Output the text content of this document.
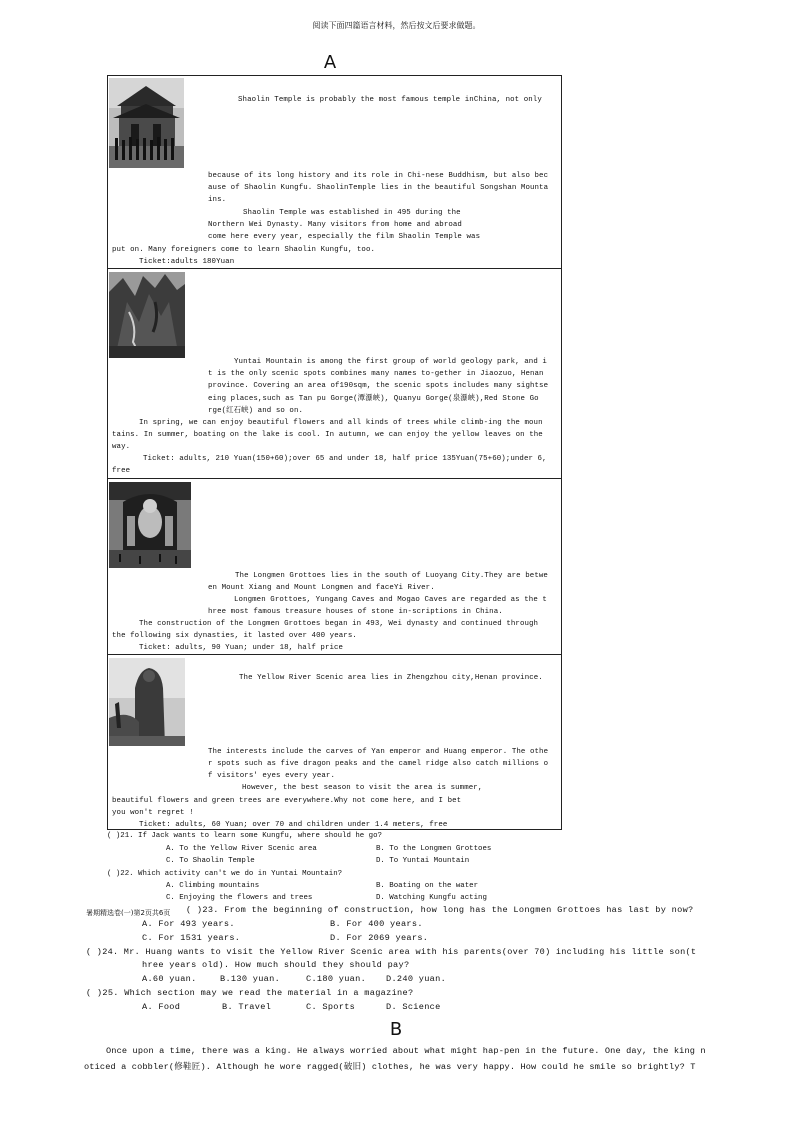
阅读下面四篇语言材料，然后按文后要求做题。
A
Shaolin Temple is probably the most famous temple inChina, not only
because of its long history and its role in Chi-nese Buddhism, but also bec
ause of Shaolin Kungfu. ShaolinTemple lies in the beautiful Songshan Mounta
ins.
Shaolin Temple was established in 495 during the
Northern Wei Dynasty. Many visitors from home and abroad
come here every year, especially the film Shaolin Temple was
put on. Many foreigners come to learn Shaolin Kungfu, too.
Ticket:adults 180Yuan
Yuntai Mountain is among the first group of world geology park, and i
t is the only scenic spots combines many names to-gether in Jiaozuo, Henan
province. Covering an area of190sqm, the scenic spots includes many sightse
eing places,such as Tan pu Gorge(潭瀑峡), Quanyu Gorge(泉瀑峡),Red Stone Go
rge(红石峡) and so on.
In spring, we can enjoy beautiful flowers and all kinds of trees while climb-ing the moun
tains. In summer, boating on the lake is cool. In autumn, we can enjoy the yellow leaves on the
way.
Ticket: adults, 210 Yuan(150+60);over 65 and under 18, half price 135Yuan(75+60);under 6,
free
The Longmen Grottoes lies in the south of Luoyang City.They are betwe
en Mount Xiang and Mount Longmen and faceYi River.
Longmen Grottoes, Yungang Caves and Mogao Caves are regarded as the t
hree most famous treasure houses of stone in-scriptions in China.
The construction of the Longmen Grottoes began in 493, Wei dynasty and continued through
the following six dynasties, it lasted over 400 years.
Ticket: adults, 90 Yuan; under 18, half price
The Yellow River Scenic area lies in Zhengzhou city,Henan province.
The interests include the carves of Yan emperor and Huang emperor. The othe
r spots such as five dragon peaks and the camel ridge also catch millions o
f visitors' eyes every year.
However, the best season to visit the area is summer,
beautiful flowers and green trees are everywhere.Why not come here, and I bet
you won't regret !
Ticket: adults, 60 Yuan; over 70 and children under 1.4 meters, free
( )21. If Jack wants to learn some Kungfu, where should he go?
A. To the Yellow River Scenic area	B. To the Longmen Grottoes
C. To Shaolin Temple	D. To Yuntai Mountain
( )22. Which activity can't we do in Yuntai Mountain?
A. Climbing mountains	B. Boating on the water
C. Enjoying the flowers and trees	D. Watching Kungfu acting
暑期精选卷(一)第2页共6页 ( )23. From the beginning of construction, how long has the Longmen Grottoes has last by now?
A. For 493 years.	B. For 400 years.
C. For 1531 years.	D. For 2069 years.
( )24. Mr. Huang wants to visit the Yellow River Scenic area with his parents(over 70) including his little son(t
hree years old). How much should they should pay?
A.60 yuan.	B.130 yuan.	C.180 yuan. D.240 yuan.
( )25. Which section may we read the material in a magazine?
A. Food	B. Travel	C. Sports	D. Science
B
Once upon a time, there was a king. He always worried about what might hap-pen in the future. One day, the king n
oticed a cobbler(修鞋匠). Although he wore ragged(破旧) clothes, he was very happy. How could he smile so brightly? T
